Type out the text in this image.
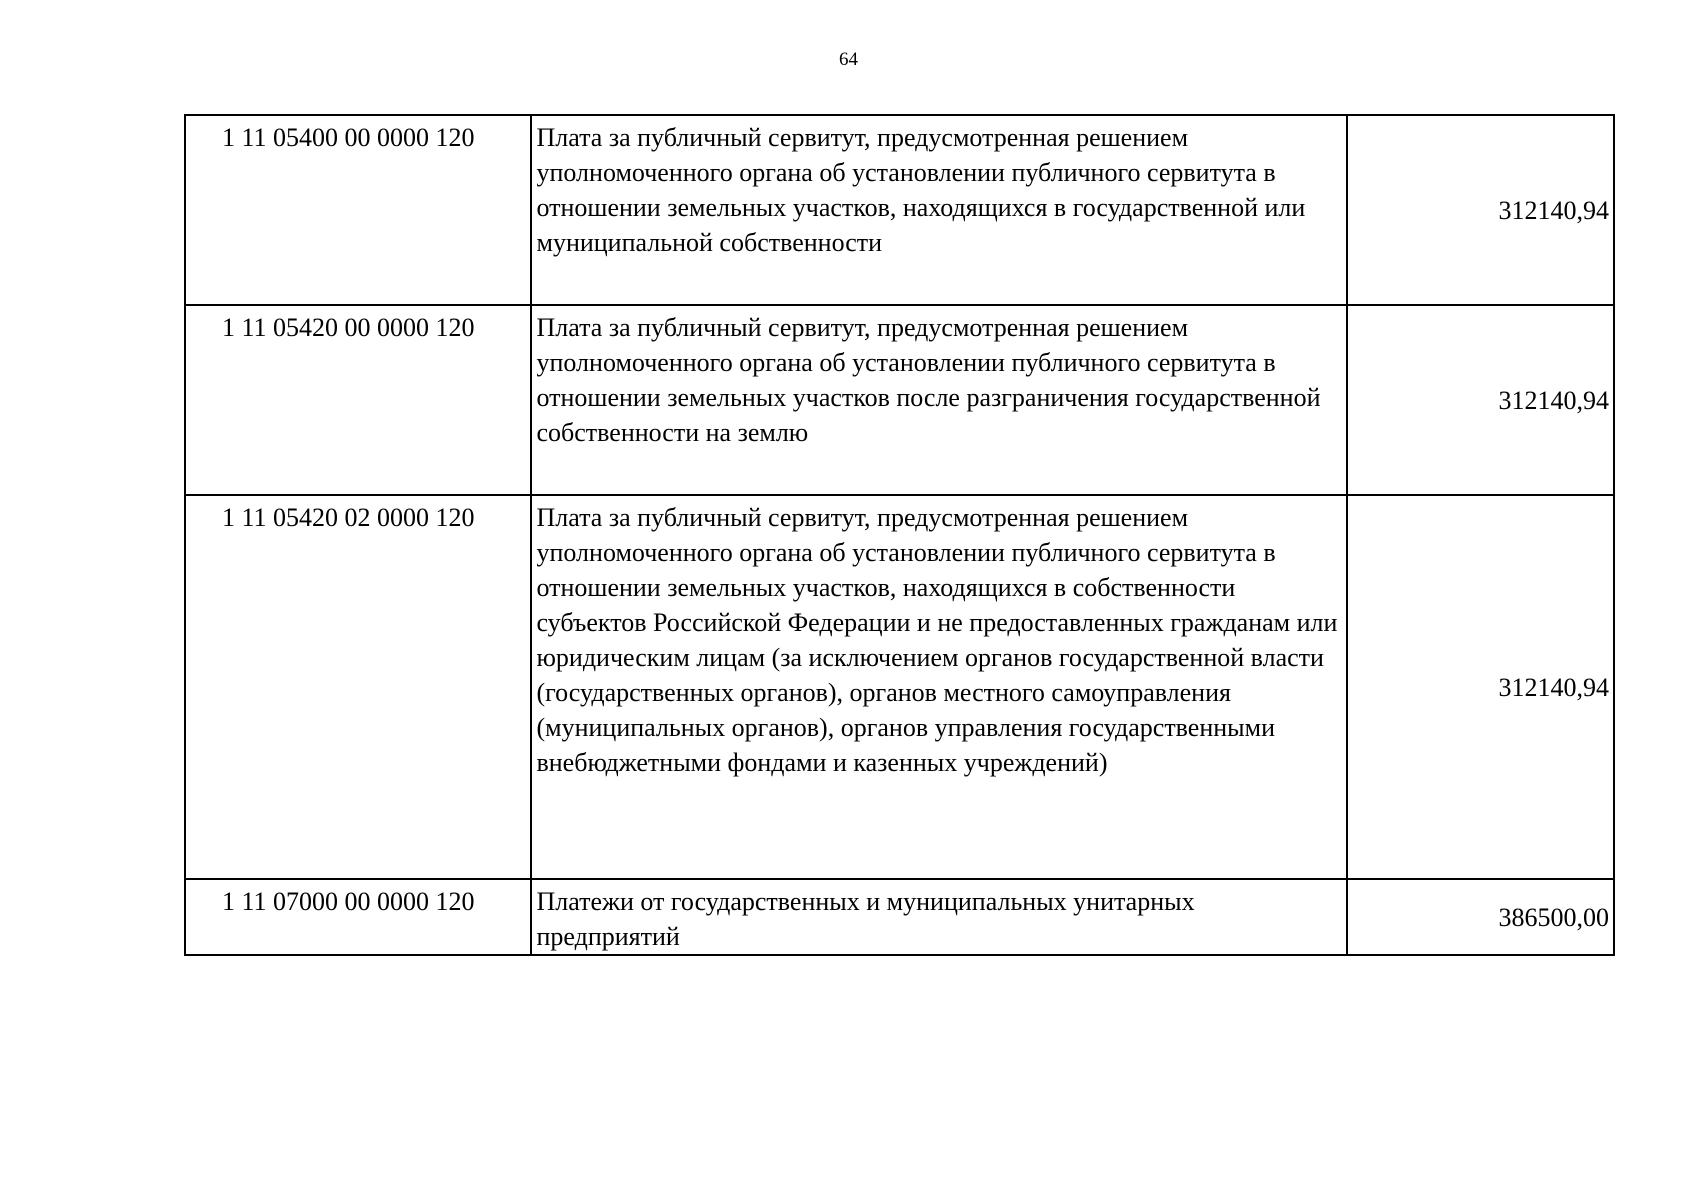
64
1 11 05400 00 0000 120	Плата за публичный сервитут, предусмотренная решением уполномоченного органа об установлении публичного сервитута в отношении земельных участков, находящихся в государственной или муниципальной собственности	312140,94
1 11 05420 00 0000 120	Плата за публичный сервитут, предусмотренная решением уполномоченного органа об установлении публичного сервитута в отношении земельных участков после разграничения государственной собственности на землю	312140,94
1 11 05420 02 0000 120	Плата за публичный сервитут, предусмотренная решением уполномоченного органа об установлении публичного сервитута в отношении земельных участков, находящихся в собственности субъектов Российской Федерации и не предоставленных гражданам или юридическим лицам (за исключением органов государственной власти (государственных органов), органов местного самоуправления (муниципальных органов), органов управления государственными внебюджетными фондами и казенных учреждений)	312140,94
1 11 07000 00 0000 120	Платежи от государственных и муниципальных унитарных предприятий	386500,00
